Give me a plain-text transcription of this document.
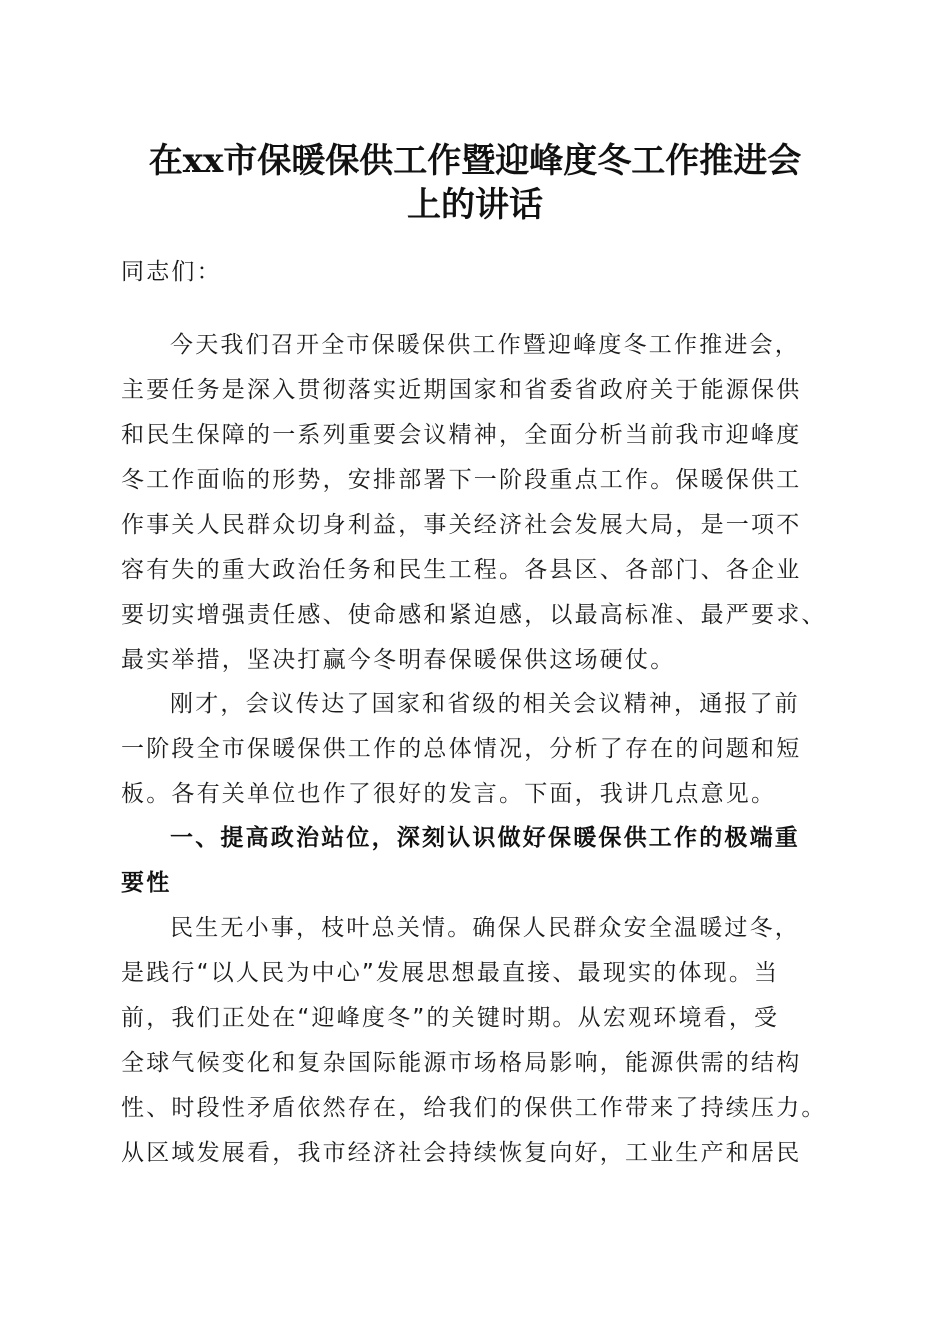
在xx市保暖保供工作暨迎峰度冬工作推进会
上的讲话
同志们：
今天我们召开全市保暖保供工作暨迎峰度冬工作推进会，
主要任务是深入贯彻落实近期国家和省委省政府关于能源保供
和民生保障的一系列重要会议精神，全面分析当前我市迎峰度
冬工作面临的形势，安排部署下一阶段重点工作。保暖保供工
作事关人民群众切身利益，事关经济社会发展大局，是一项不
容有失的重大政治任务和民生工程。各县区、各部门、各企业
要切实增强责任感、使命感和紧迫感，以最高标准、最严要求、
最实举措，坚决打赢今冬明春保暖保供这场硬仗。
刚才，会议传达了国家和省级的相关会议精神，通报了前
一阶段全市保暖保供工作的总体情况，分析了存在的问题和短
板。各有关单位也作了很好的发言。下面，我讲几点意见。
一、提高政治站位，深刻认识做好保暖保供工作的极端重
要性
民生无小事，枝叶总关情。确保人民群众安全温暖过冬，
是践行“以人民为中心”发展思想最直接、最现实的体现。当
前，我们正处在“迎峰度冬”的关键时期。从宏观环境看，受
全球气候变化和复杂国际能源市场格局影响，能源供需的结构
性、时段性矛盾依然存在，给我们的保供工作带来了持续压力。
从区域发展看，我市经济社会持续恢复向好，工业生产和居民
